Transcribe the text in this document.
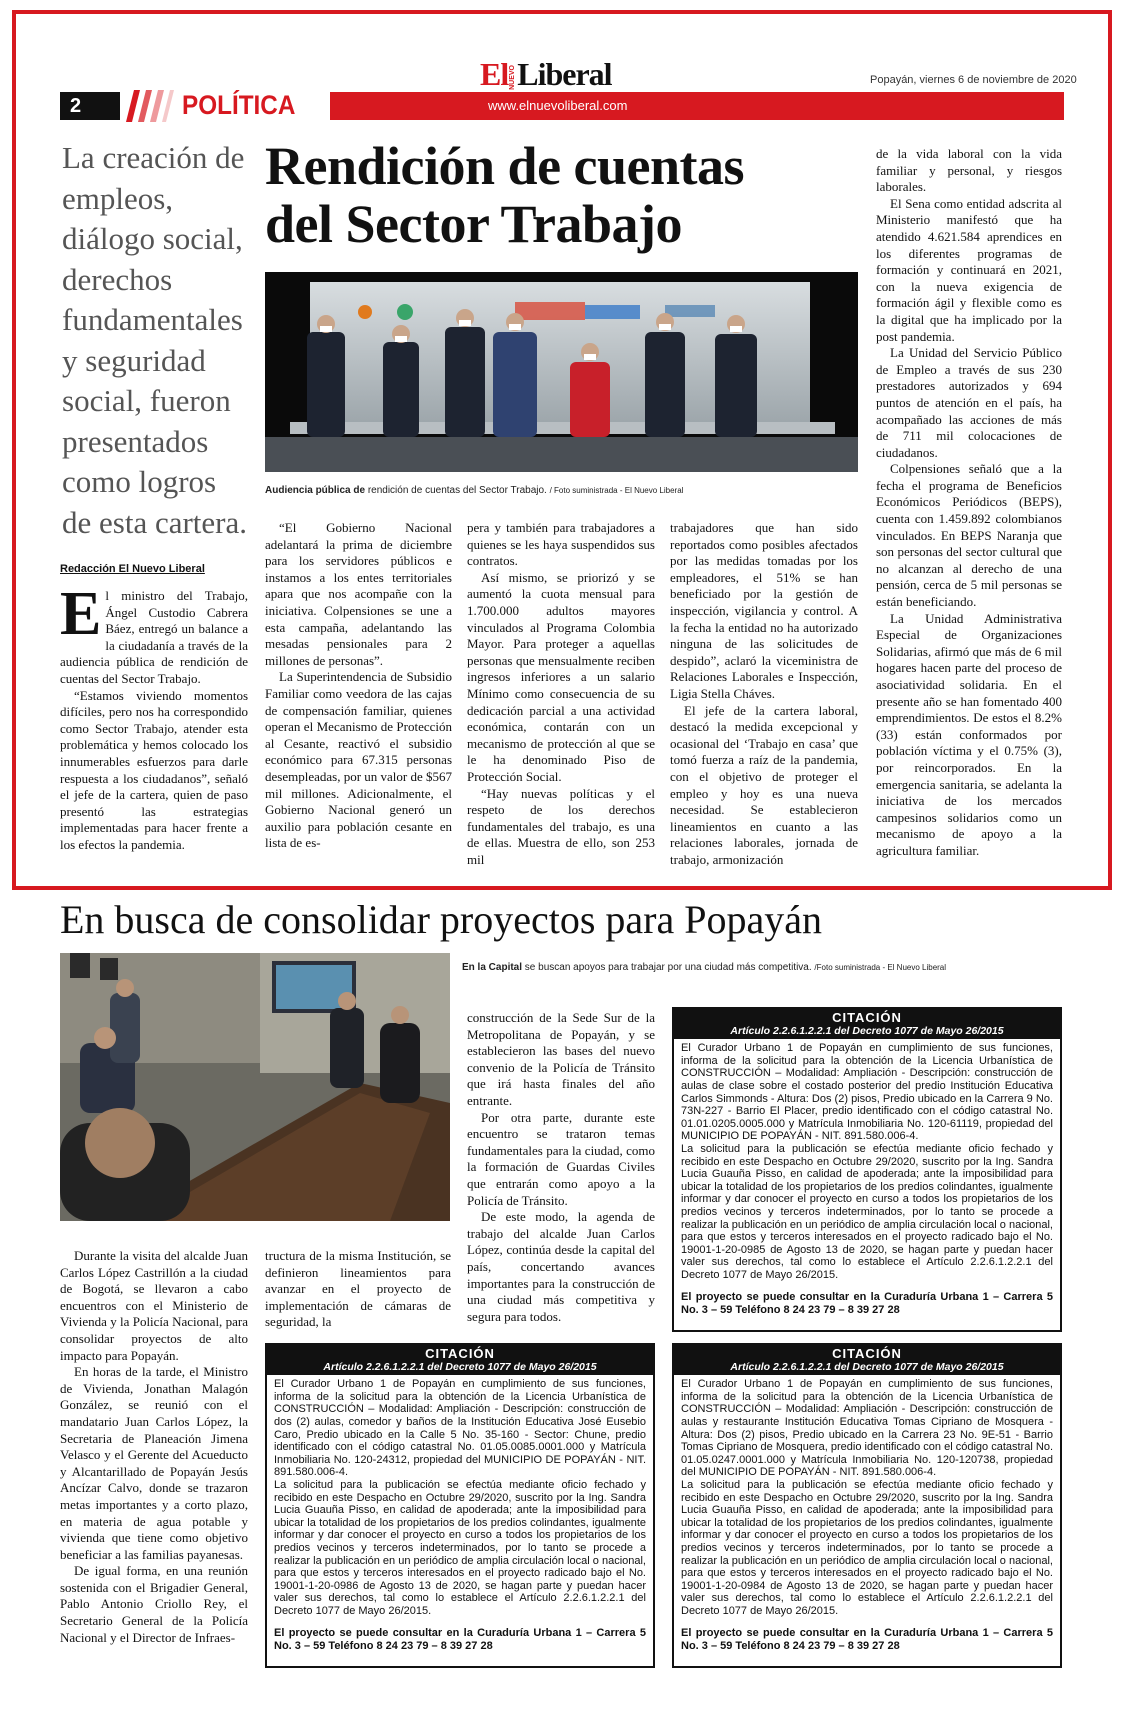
ElNUEVOLiberal	Popayán, viernes 6 de noviembre de 2020
www.elnuevoliberal.com
2	POLÍTICA
La creación de empleos, diálogo social, derechos fundamentales y seguridad social, fueron presentados como logros de esta cartera.
Redacción El Nuevo Liberal
Rendición de cuentas
del Sector Trabajo
Audiencia pública de rendición de cuentas del Sector Trabajo. / Foto suministrada - El Nuevo Liberal

El ministro del Trabajo, Ángel Custodio Cabrera Báez, entregó un balance a la ciudadanía a través de la audiencia pública de rendición de cuentas del Sector Trabajo.

“Estamos viviendo momentos difíciles, pero nos ha correspondido como Sector Trabajo, atender esta problemática y hemos colocado los innumerables esfuerzos para darle respuesta a los ciudadanos”, señaló el jefe de la cartera, quien de paso presentó las estrategias implementadas para hacer frente a los efectos la pandemia.

“El Gobierno Nacional adelantará la prima de diciembre para los servidores públicos e instamos a los entes territoriales apara que nos acompañe con la iniciativa. Colpensiones se une a esta campaña, adelantando las mesadas pensionales para 2 millones de personas”.

La Superintendencia de Subsidio Familiar como veedora de las cajas de compensación familiar, quienes operan el Mecanismo de Protección al Cesante, reactivó el subsidio económico para 67.315 personas desempleadas, por un valor de $567 mil millones. Adicionalmente, el Gobierno Nacional generó un auxilio para población cesante en lista de es-

pera y también para trabajadores a quienes se les haya suspendidos sus contratos.

Así mismo, se priorizó y se aumentó la cuota mensual para 1.700.000 adultos mayores vinculados al Programa Colombia Mayor. Para proteger a aquellas personas que mensualmente reciben ingresos inferiores a un salario Mínimo como consecuencia de su dedicación parcial a una actividad económica, contarán con un mecanismo de protección al que se le ha denominado Piso de Protección Social.

“Hay nuevas políticas y el respeto de los derechos fundamentales del trabajo, es una de ellas. Muestra de ello, son 253 mil

trabajadores que han sido reportados como posibles afectados por las medidas tomadas por los empleadores, el 51% se han beneficiado por la gestión de inspección, vigilancia y control. A la fecha la entidad no ha autorizado ninguna de las solicitudes de despido”, aclaró la viceministra de Relaciones Laborales e Inspección, Ligia Stella Cháves.

El jefe de la cartera laboral, destacó la medida excepcional y ocasional del ‘Trabajo en casa’ que tomó fuerza a raíz de la pandemia, con el objetivo de proteger el empleo y hoy es una nueva necesidad. Se establecieron lineamientos en cuanto a las relaciones laborales, jornada de trabajo, armonización

de la vida laboral con la vida familiar y personal, y riesgos laborales.

El Sena como entidad adscrita al Ministerio manifestó que ha atendido 4.621.584 aprendices en los diferentes programas de formación y continuará en 2021, con la nueva exigencia de formación ágil y flexible como es la digital que ha implicado por la post pandemia.

La Unidad del Servicio Público de Empleo a través de sus 230 prestadores autorizados y 694 puntos de atención en el país, ha acompañado las acciones de más de 711 mil colocaciones de ciudadanos.

Colpensiones señaló que a la fecha el programa de Beneficios Económicos Periódicos (BEPS), cuenta con 1.459.892 colombianos vinculados. En BEPS Naranja que son personas del sector cultural que no alcanzan al derecho de una pensión, cerca de 5 mil personas se están beneficiando.

La Unidad Administrativa Especial de Organizaciones Solidarias, afirmó que más de 6 mil hogares hacen parte del proceso de asociatividad solidaria. En el presente año se han fomentado 400 emprendimientos. De estos el 8.2% (33) están conformados por población víctima y el 0.75% (3), por reincorporados. En la emergencia sanitaria, se adelanta la iniciativa de los mercados campesinos solidarios como un mecanismo de apoyo a la agricultura familiar.

En busca de consolidar proyectos para Popayán
En la Capital se buscan apoyos para trabajar por una ciudad más competitiva. /Foto suministrada - El Nuevo Liberal

Durante la visita del alcalde Juan Carlos López Castrillón a la ciudad de Bogotá, se llevaron a cabo encuentros con el Ministerio de Vivienda y la Policía Nacional, para consolidar proyectos de alto impacto para Popayán.

En horas de la tarde, el Ministro de Vivienda, Jonathan Malagón González, se reunió con el mandatario Juan Carlos López, la Secretaria de Planeación Jimena Velasco y el Gerente del Acueducto y Alcantarillado de Popayán Jesús Ancízar Calvo, donde se trazaron metas importantes y a corto plazo, en materia de agua potable y vivienda que tiene como objetivo beneficiar a las familias payanesas.

De igual forma, en una reunión sostenida con el Brigadier General, Pablo Antonio Criollo Rey, el Secretario General de la Policía Nacional y el Director de Infraes-

tructura de la misma Institución, se definieron lineamientos para avanzar en el proyecto de implementación de cámaras de seguridad, la

construcción de la Sede Sur de la Metropolitana de Popayán, y se establecieron las bases del nuevo convenio de la Policía de Tránsito que irá hasta finales del año entrante.

Por otra parte, durante este encuentro se trataron temas fundamentales para la ciudad, como la formación de Guardas Civiles que entrarán como apoyo a la Policía de Tránsito.

De este modo, la agenda de trabajo del alcalde Juan Carlos López, continúa desde la capital del país, concertando avances importantes para la construcción de una ciudad más competitiva y segura para todos.

CITACIÓN
Artículo 2.2.6.1.2.2.1 del Decreto 1077 de Mayo 26/2015

El Curador Urbano 1 de Popayán en cumplimiento de sus funciones, informa de la solicitud para la obtención de la Licencia Urbanística de CONSTRUCCIÓN – Modalidad: Ampliación - Descripción: construcción de aulas de clase sobre el costado posterior del predio Institución Educativa Carlos Simmonds - Altura: Dos (2) pisos, Predio ubicado en la Carrera 9 No. 73N-227 - Barrio El Placer, predio identificado con el código catastral No. 01.01.0205.0005.000 y Matrícula Inmobiliaria No. 120-61119, propiedad del MUNICIPIO DE POPAYÁN - NIT. 891.580.006-4.

La solicitud para la publicación se efectúa mediante oficio fechado y recibido en este Despacho en Octubre 29/2020, suscrito por la Ing. Sandra Lucia Guauña Pisso, en calidad de apoderada; ante la imposibilidad para ubicar la totalidad de los propietarios de los predios colindantes, igualmente informar y dar conocer el proyecto en curso a todos los propietarios de los predios vecinos y terceros indeterminados, por lo tanto se procede a realizar la publicación en un periódico de amplia circulación local o nacional, para que estos y terceros interesados en el proyecto radicado bajo el No. 19001-1-20-0985 de Agosto 13 de 2020, se hagan parte y puedan hacer valer sus derechos, tal como lo establece el Artículo 2.2.6.1.2.2.1 del Decreto 1077 de Mayo 26/2015.

El proyecto se puede consultar en la Curaduría Urbana 1 – Carrera 5 No. 3 – 59 Teléfono 8 24 23 79 – 8 39 27 28

CITACIÓN
Artículo 2.2.6.1.2.2.1 del Decreto 1077 de Mayo 26/2015

El Curador Urbano 1 de Popayán en cumplimiento de sus funciones, informa de la solicitud para la obtención de la Licencia Urbanística de CONSTRUCCIÓN – Modalidad: Ampliación - Descripción: construcción de dos (2) aulas, comedor y baños de la Institución Educativa José Eusebio Caro, Predio ubicado en la Calle 5 No. 35-160 - Sector: Chune, predio identificado con el código catastral No. 01.05.0085.0001.000 y Matrícula Inmobiliaria No. 120-24312, propiedad del MUNICIPIO DE POPAYÁN - NIT. 891.580.006-4.

La solicitud para la publicación se efectúa mediante oficio fechado y recibido en este Despacho en Octubre 29/2020, suscrito por la Ing. Sandra Lucia Guauña Pisso, en calidad de apoderada; ante la imposibilidad para ubicar la totalidad de los propietarios de los predios colindantes, igualmente informar y dar conocer el proyecto en curso a todos los propietarios de los predios vecinos y terceros indeterminados, por lo tanto se procede a realizar la publicación en un periódico de amplia circulación local o nacional, para que estos y terceros interesados en el proyecto radicado bajo el No. 19001-1-20-0986 de Agosto 13 de 2020, se hagan parte y puedan hacer valer sus derechos, tal como lo establece el Artículo 2.2.6.1.2.2.1 del Decreto 1077 de Mayo 26/2015.

El proyecto se puede consultar en la Curaduría Urbana 1 – Carrera 5 No. 3 – 59 Teléfono 8 24 23 79 – 8 39 27 28

CITACIÓN
Artículo 2.2.6.1.2.2.1 del Decreto 1077 de Mayo 26/2015

El Curador Urbano 1 de Popayán en cumplimiento de sus funciones, informa de la solicitud para la obtención de la Licencia Urbanística de CONSTRUCCIÓN – Modalidad: Ampliación - Descripción: construcción de aulas y restaurante Institución Educativa Tomas Cipriano de Mosquera - Altura: Dos (2) pisos, Predio ubicado en la Carrera 23 No. 9E-51 - Barrio Tomas Cipriano de Mosquera, predio identificado con el código catastral No. 01.05.0247.0001.000 y Matrícula Inmobiliaria No. 120-120738, propiedad del MUNICIPIO DE POPAYÁN - NIT. 891.580.006-4.

La solicitud para la publicación se efectúa mediante oficio fechado y recibido en este Despacho en Octubre 29/2020, suscrito por la Ing. Sandra Lucia Guauña Pisso, en calidad de apoderada; ante la imposibilidad para ubicar la totalidad de los propietarios de los predios colindantes, igualmente informar y dar conocer el proyecto en curso a todos los propietarios de los predios vecinos y terceros indeterminados, por lo tanto se procede a realizar la publicación en un periódico de amplia circulación local o nacional, para que estos y terceros interesados en el proyecto radicado bajo el No. 19001-1-20-0984 de Agosto 13 de 2020, se hagan parte y puedan hacer valer sus derechos, tal como lo establece el Artículo 2.2.6.1.2.2.1 del Decreto 1077 de Mayo 26/2015.

El proyecto se puede consultar en la Curaduría Urbana 1 – Carrera 5 No. 3 – 59 Teléfono 8 24 23 79 – 8 39 27 28
